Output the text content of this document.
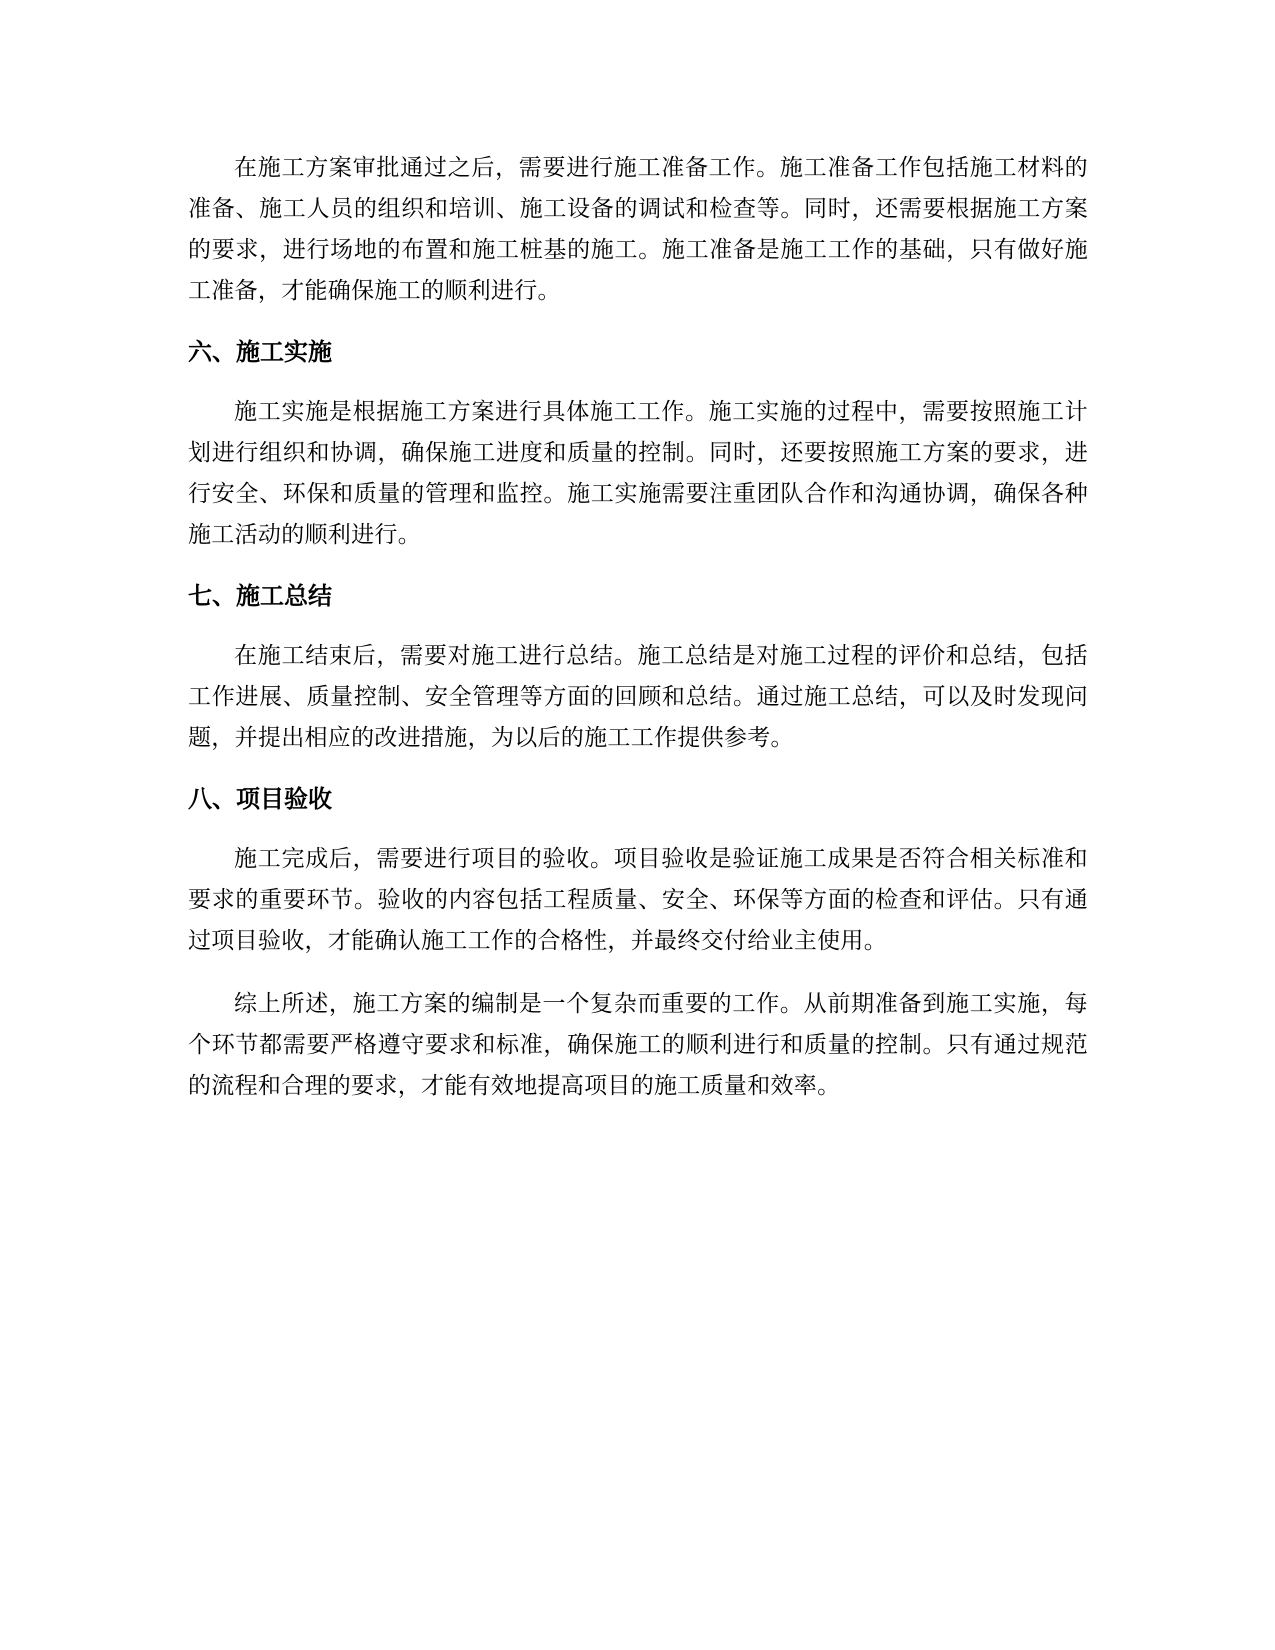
在施工方案审批通过之后，需要进行施工准备工作。施工准备工作包括施工材料的准备、施工人员的组织和培训、施工设备的调试和检查等。同时，还需要根据施工方案的要求，进行场地的布置和施工桩基的施工。施工准备是施工工作的基础，只有做好施工准备，才能确保施工的顺利进行。

六、施工实施

施工实施是根据施工方案进行具体施工工作。施工实施的过程中，需要按照施工计划进行组织和协调，确保施工进度和质量的控制。同时，还要按照施工方案的要求，进行安全、环保和质量的管理和监控。施工实施需要注重团队合作和沟通协调，确保各种施工活动的顺利进行。

七、施工总结

在施工结束后，需要对施工进行总结。施工总结是对施工过程的评价和总结，包括工作进展、质量控制、安全管理等方面的回顾和总结。通过施工总结，可以及时发现问题，并提出相应的改进措施，为以后的施工工作提供参考。

八、项目验收

施工完成后，需要进行项目的验收。项目验收是验证施工成果是否符合相关标准和要求的重要环节。验收的内容包括工程质量、安全、环保等方面的检查和评估。只有通过项目验收，才能确认施工工作的合格性，并最终交付给业主使用。

综上所述，施工方案的编制是一个复杂而重要的工作。从前期准备到施工实施，每个环节都需要严格遵守要求和标准，确保施工的顺利进行和质量的控制。只有通过规范的流程和合理的要求，才能有效地提高项目的施工质量和效率。
